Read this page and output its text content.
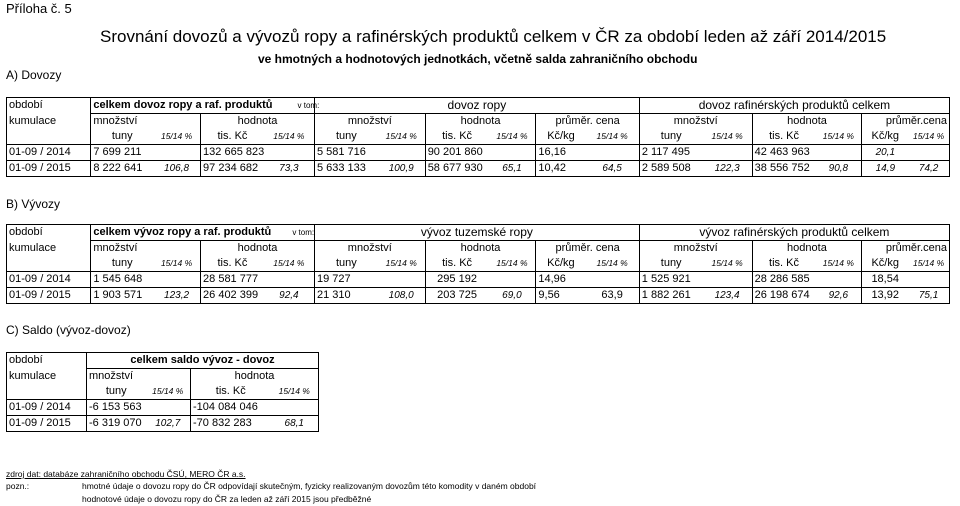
Příloha č. 5
Srovnání dovozů a vývozů ropy a rafinérských produktů celkem v ČR za období leden až září 2014/2015
ve hmotných a hodnotových jednotkách, včetně salda zahraničního obchodu
A) Dovozy
období	celkem dovoz ropy a raf. produktů v tom:				dovoz ropy						dovoz rafinérských produktů celkem					
kumulace	množství		hodnota		množství		hodnota		průměr. cena		množství		hodnota		průměr.cena	
	tuny	15/14 %	tis. Kč	15/14 %	tuny	15/14 %	tis. Kč	15/14 %	Kč/kg	15/14 %	tuny	15/14 %	tis. Kč	15/14 %	Kč/kg	15/14 %
01-09 / 2014	7 699 211		132 665 823		5 581 716		90 201 860		16,16		2 117 495		42 463 963		20,1	
01-09 / 2015	8 222 641	106,8	97 234 682	73,3	5 633 133	100,9	58 677 930	65,1	10,42	64,5	2 589 508	122,3	38 556 752	90,8	14,9	74,2
B) Vývozy
období	celkem vývoz ropy a raf. produktů v tom:				vývoz tuzemské ropy						vývoz rafinérských produktů celkem					
kumulace	množství		hodnota		množství		hodnota		průměr. cena		množství		hodnota		průměr.cena	
	tuny	15/14 %	tis. Kč	15/14 %	tuny	15/14 %	tis. Kč	15/14 %	Kč/kg	15/14 %	tuny	15/14 %	tis. Kč	15/14 %	Kč/kg	15/14 %
01-09 / 2014	1 545 648		28 581 777		19 727		295 192		14,96		1 525 921		28 286 585		18,54	
01-09 / 2015	1 903 571	123,2	26 402 399	92,4	21 310	108,0	203 725	69,0	9,56	63,9	1 882 261	123,4	26 198 674	92,6	13,92	75,1
C) Saldo (vývoz-dovoz)
období	celkem saldo vývoz - dovoz			
kumulace	množství		hodnota	
	tuny	15/14 %	tis. Kč	15/14 %
01-09 / 2014	-6 153 563		-104 084 046	
01-09 / 2015	-6 319 070	102,7	-70 832 283	68,1
zdroj dat: databáze zahraničního obchodu ČSÚ, MERO ČR a.s.
pozn.:	hmotné údaje o dovozu ropy do ČR odpovídají skutečným, fyzicky realizovaným dovozům této komodity v daném období
hodnotové údaje o dovozu ropy do ČR za leden až září 2015 jsou předběžné
